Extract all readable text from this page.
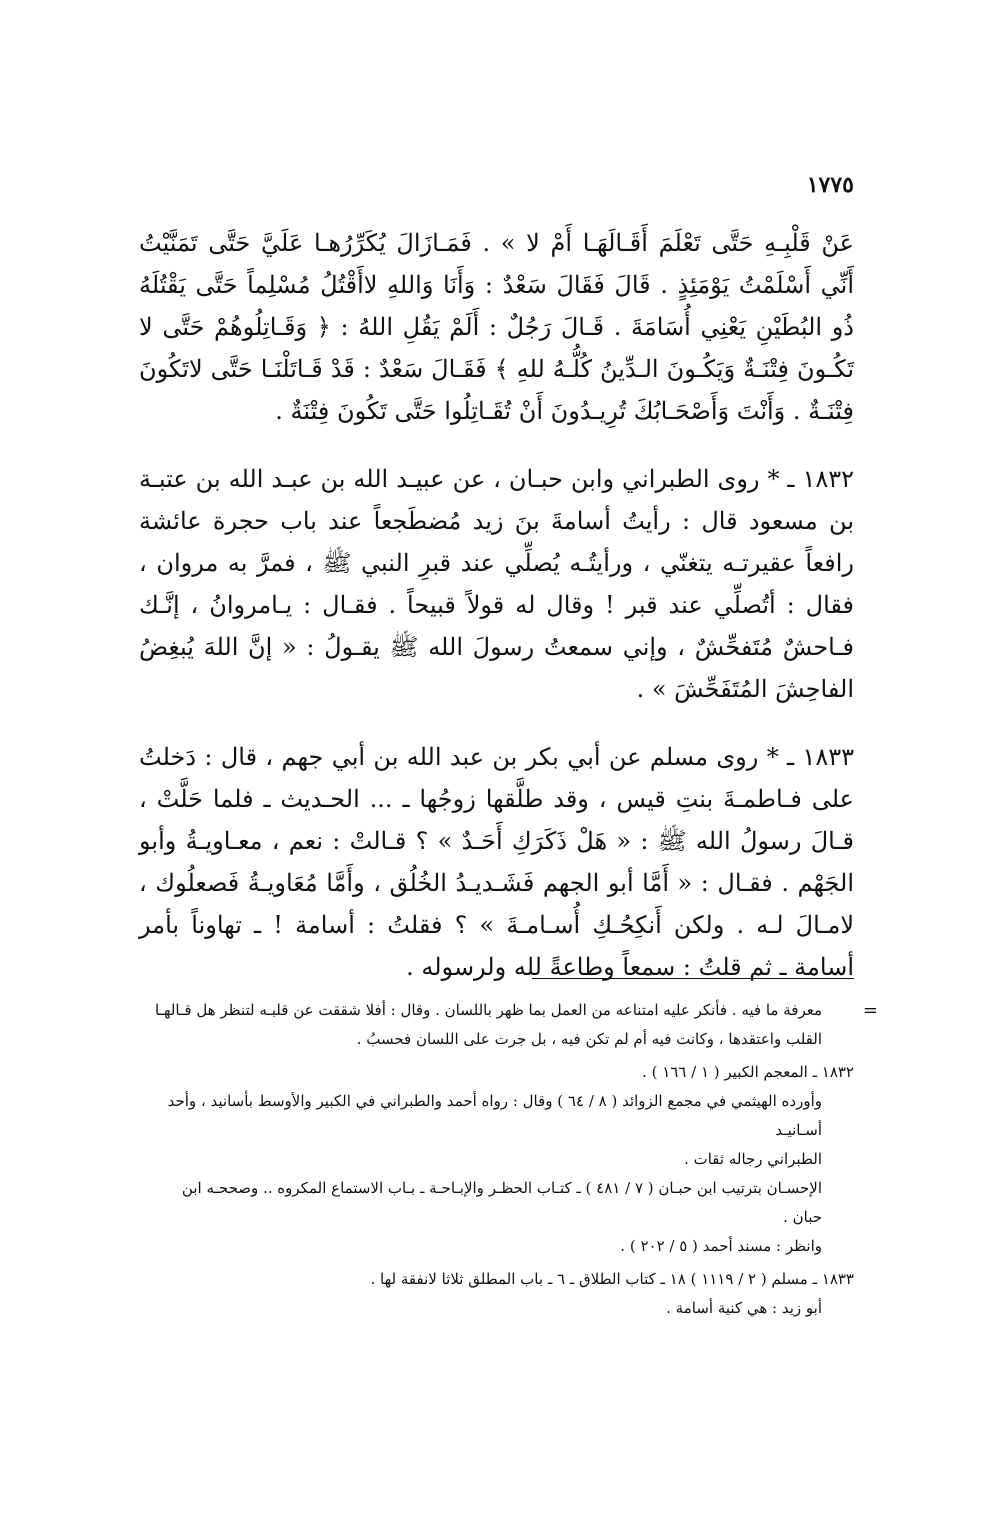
١٧٧٥

عَنْ قَلْبِـهِ حَتَّى تَعْلَمَ أَقَـالَهَـا أَمْ لا » . فَمَـازَالَ يُكَرِّرُهـا عَلَيَّ حَتَّى تَمَنَّيْتُ أَنِّي أَسْلَمْتُ يَوْمَئِذٍ . قَالَ فَقَالَ سَعْدٌ : وَأَنَا وَاللهِ لاأَقْتُلُ مُسْلِماً حَتَّى يَقْتُلَهُ ذُو البُطَيْنِ يَعْنِي أُسَامَةَ . قَـالَ رَجُلٌ : أَلَمْ يَقُلِ اللهُ : ﴿ وَقَـاتِلُوهُمْ حَتَّى لا تَكُـونَ فِتْنَـةٌ وَيَكُـونَ الـدِّينُ كُلُّـهُ للهِ ﴾ فَقَـالَ سَعْدٌ : قَدْ قَـاتَلْنَـا حَتَّى لاتَكُونَ فِتْنَـةٌ . وَأَنْتَ وَأَصْحَـابُكَ تُرِيـدُونَ أَنْ تُقَـاتِلُوا حَتَّى تَكُونَ فِتْنَةٌ .

١٨٣٢ ـ * روى الطبراني وابن حبـان ، عن عبيـد الله بن عبـد الله بن عتبـة بن مسعود قال : رأيتُ أسامةَ بنَ زيد مُضطَجعاً عند باب حجرة عائشة رافعاً عقيرتـه يتغنّي ، ورأيتُـه يُصلِّي عند قبرِ النبي ﷺ ، فمرَّ به مروان ، فقال : أتُصلِّي عند قبر ! وقال له قولاً قبيحاً . فقـال : يـامروانُ ، إنَّـك فـاحشٌ مُتَفحِّشٌ ، وإني سمعتُ رسولَ الله ﷺ يقـولُ : « إنَّ اللهَ يُبغِضُ الفاحِشَ المُتَفَحِّشَ » .

١٨٣٣ ـ * روى مسلم عن أبي بكر بن عبد الله بن أبي جهم ، قال : دَخلتُ على فـاطمـةَ بنتِ قيس ، وقد طلَّقها زوجُها ـ ... الحـديث ـ فلما حَلَّتْ ، قـالَ رسولُ الله ﷺ : « هَلْ ذَكَرَكِ أَحَـدٌ » ؟ قـالتْ : نعم ، معـاويـةُ وأبو الجَهْم . فقـال : « أَمَّا أبو الجهم فَشَـديـدُ الخُلُق ، وأَمَّا مُعَاويـةُ فَصعلُوك ، لامـالَ لـه . ولكن أَنكِحُـكِ أُسـامـةَ » ؟ فقلتُ : أسامة ! ـ تهاوناً بأمر أسامة ـ ثم قلتُ : سمعاً وطاعةً لله ولرسوله .

=

معرفة ما فيه . فأنكر عليه امتناعه من العمل بما ظهر باللسان . وقال : أفلا شققت عن قلبـه لتنظر هل قـالهـا

القلب واعتقدها ، وكانت فيه أم لم تكن فيه ، بل جرت على اللسان فحسبُ .

١٨٣٢ ـ المعجم الكبير ( ١ / ١٦٦ ) .

وأورده الهيثمي في مجمع الزوائد ( ٨ / ٦٤ ) وقال : رواه أحمد والطبراني في الكبير والأوسط بأسانيد ، وأحد أسـانيـد

الطبراني رجاله ثقات .

الإحسـان بترتيب ابن حبـان ( ٧ / ٤٨١ ) ـ كتـاب الحظـر والإبـاحـة ـ بـاب الاستماع المكروه .. وصححـه ابن

حبان .

وانظر : مسند أحمد ( ٥ / ٢٠٢ ) .

١٨٣٣ ـ مسلم ( ٢ / ١١١٩ ) ١٨ ـ كتاب الطلاق ـ ٦ ـ باب المطلق ثلاثا لانفقة لها .

أبو زيد : هي كنية أسامة .
